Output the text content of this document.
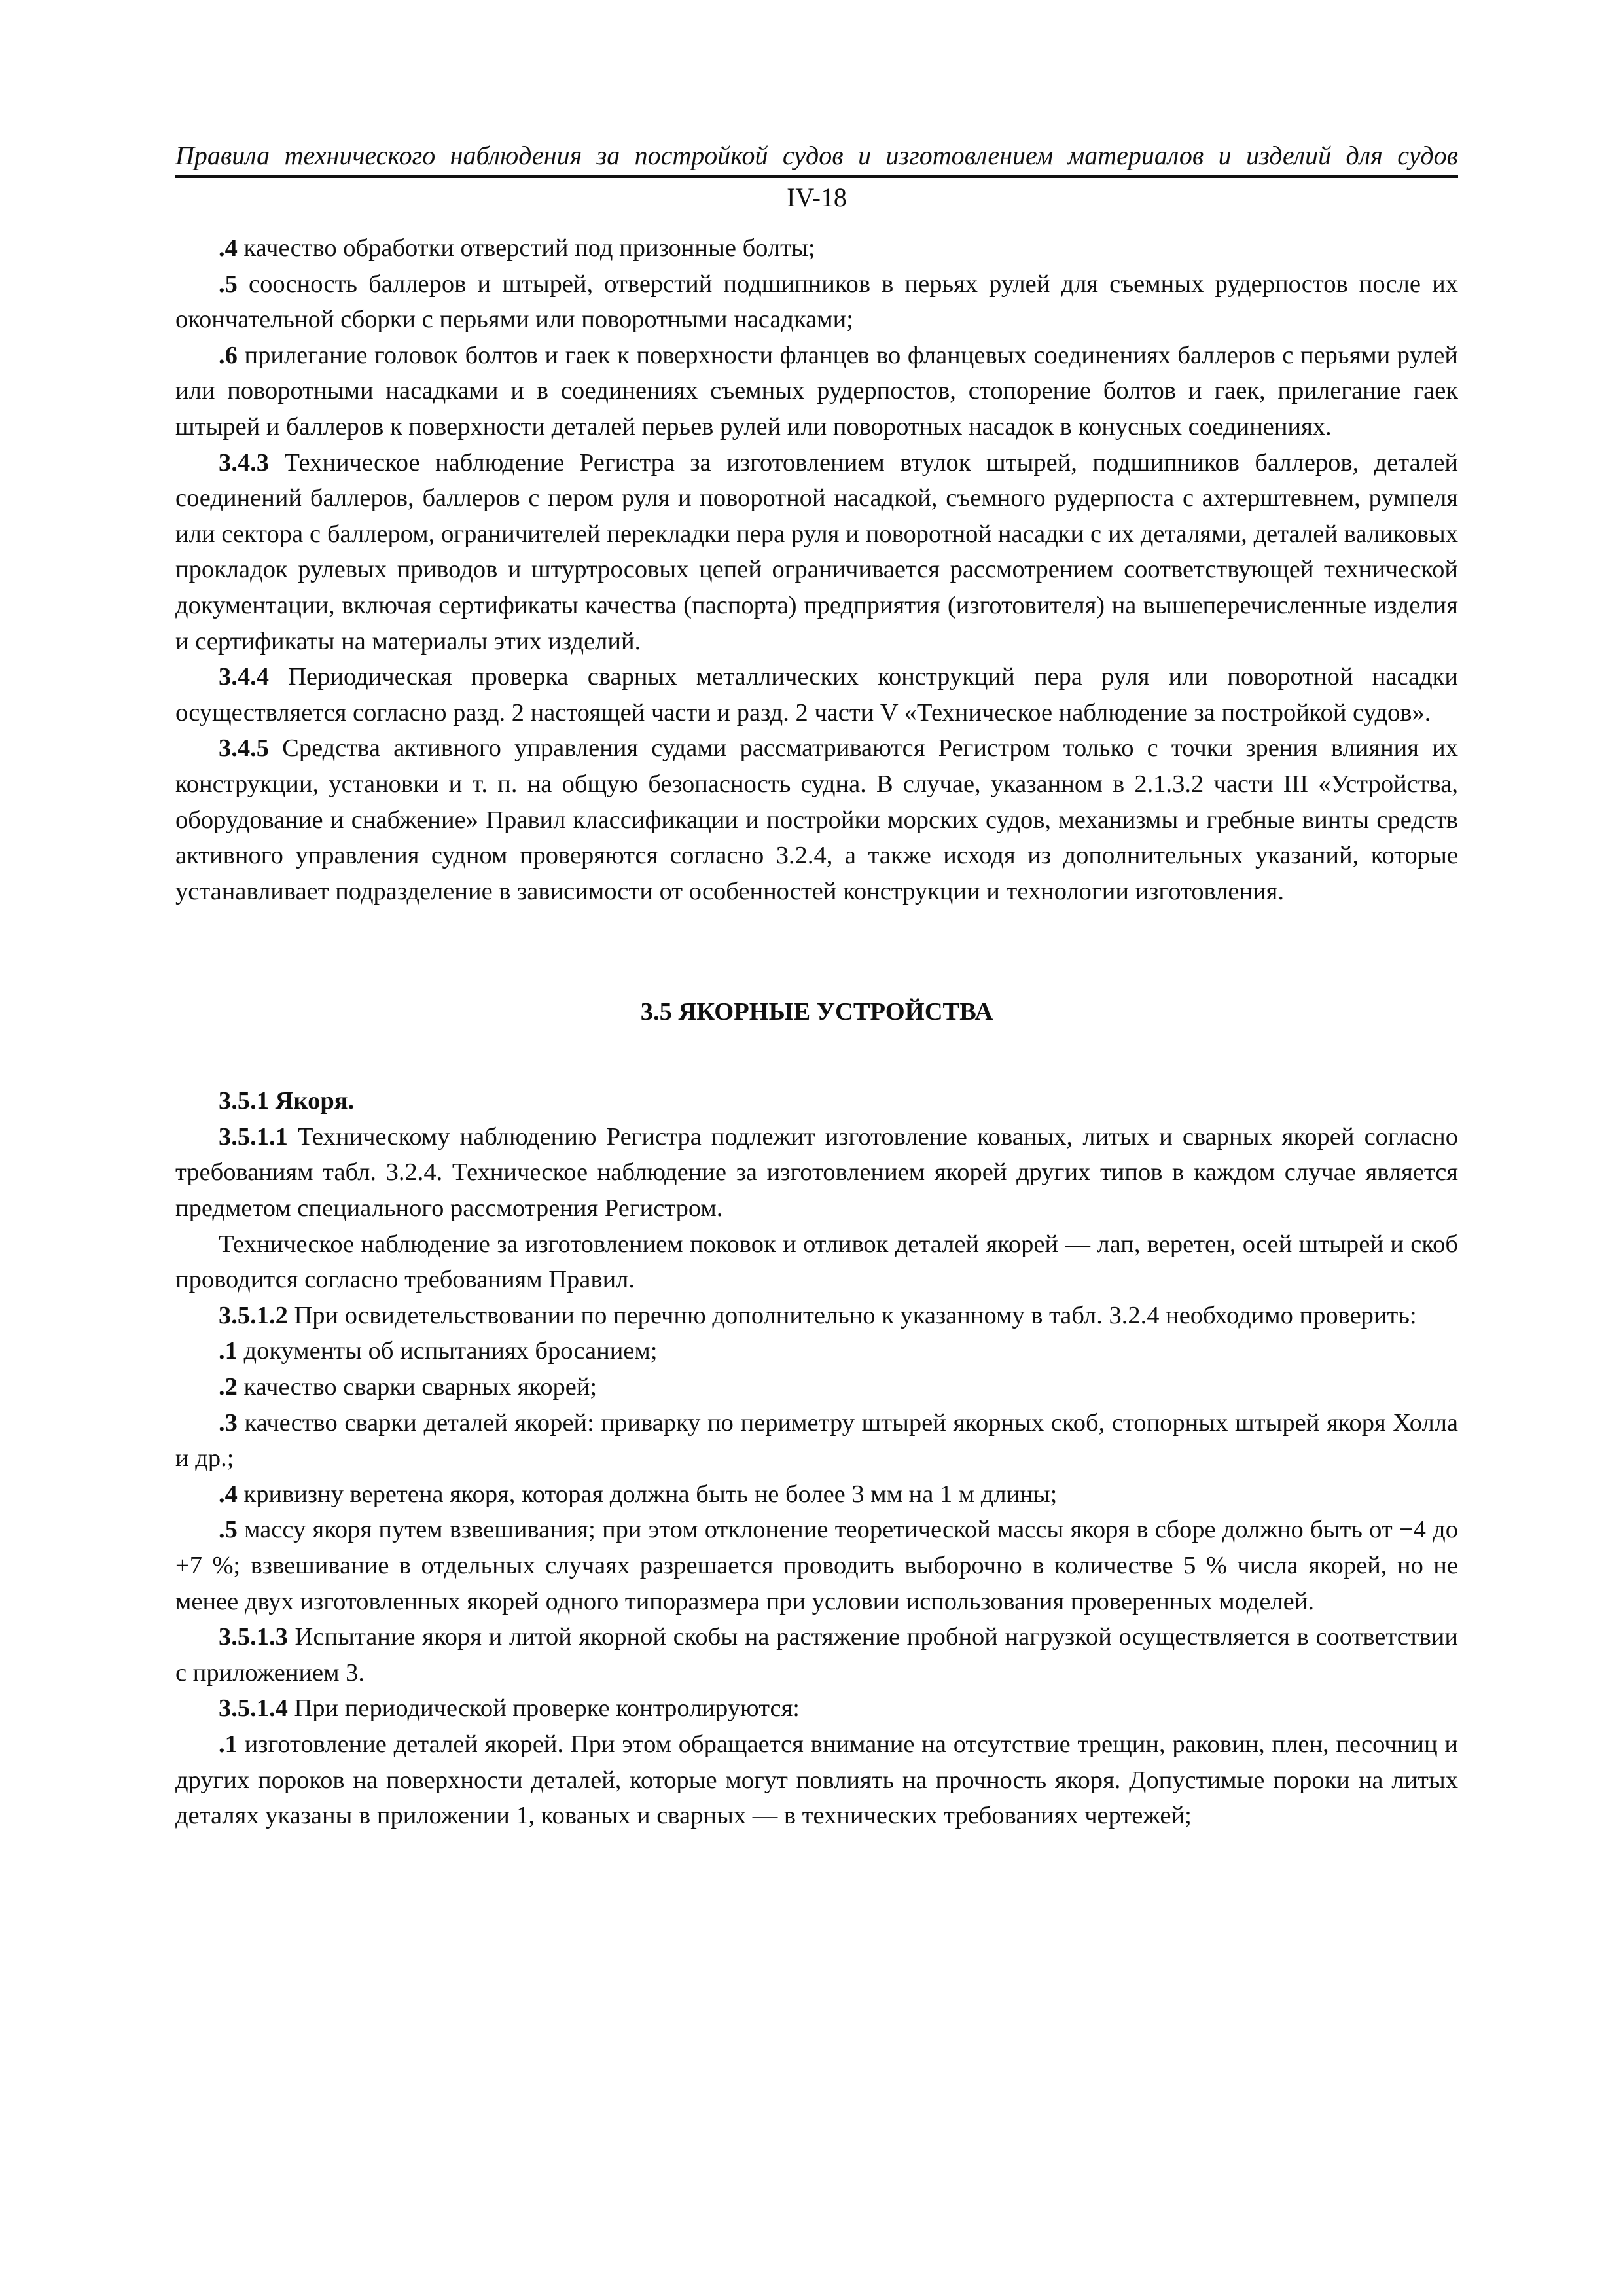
Правила технического наблюдения за постройкой судов и изготовлением материалов и изделий для судов
IV-18

.4 качество обработки отверстий под призонные болты;

.5 соосность баллеров и штырей, отверстий подшипников в перьях рулей для съемных рудерпостов после их окончательной сборки с перьями или поворотными насадками;

.6 прилегание головок болтов и гаек к поверхности фланцев во фланцевых соединениях баллеров с перьями рулей или поворотными насадками и в соединениях съемных рудерпостов, стопорение болтов и гаек, прилегание гаек штырей и баллеров к поверхности деталей перьев рулей или поворотных насадок в конусных соединениях.

3.4.3 Техническое наблюдение Регистра за изготовлением втулок штырей, подшипников баллеров, деталей соединений баллеров, баллеров с пером руля и поворотной насадкой, съемного рудерпоста с ахтерштевнем, румпеля или сектора с баллером, ограничителей перекладки пера руля и поворотной насадки с их деталями, деталей валиковых прокладок рулевых приводов и штуртросовых цепей ограничивается рассмотрением соответствующей технической документации, включая сертификаты качества (паспорта) предприятия (изготовителя) на вышеперечисленные изделия и сертификаты на материалы этих изделий.

3.4.4 Периодическая проверка сварных металлических конструкций пера руля или поворотной насадки осуществляется согласно разд. 2 настоящей части и разд. 2 части V «Техническое наблюдение за постройкой судов».

3.4.5 Средства активного управления судами рассматриваются Регистром только с точки зрения влияния их конструкции, установки и т. п. на общую безопасность судна. В случае, указанном в 2.1.3.2 части III «Устройства, оборудование и снабжение» Правил классификации и постройки морских судов, механизмы и гребные винты средств активного управления судном проверяются согласно 3.2.4, а также исходя из дополнительных указаний, которые устанавливает подразделение в зависимости от особенностей конструкции и технологии изготовления.

3.5 ЯКОРНЫЕ УСТРОЙСТВА

3.5.1 Якоря.

3.5.1.1 Техническому наблюдению Регистра подлежит изготовление кованых, литых и сварных якорей согласно требованиям табл. 3.2.4. Техническое наблюдение за изготовлением якорей других типов в каждом случае является предметом специального рассмотрения Регистром.

Техническое наблюдение за изготовлением поковок и отливок деталей якорей — лап, веретен, осей штырей и скоб проводится согласно требованиям Правил.

3.5.1.2 При освидетельствовании по перечню дополнительно к указанному в табл. 3.2.4 необходимо проверить:

.1 документы об испытаниях бросанием;

.2 качество сварки сварных якорей;

.3 качество сварки деталей якорей: приварку по периметру штырей якорных скоб, стопорных штырей якоря Холла и др.;

.4 кривизну веретена якоря, которая должна быть не более 3 мм на 1 м длины;

.5 массу якоря путем взвешивания; при этом отклонение теоретической массы якоря в сборе должно быть от −4 до +7 %; взвешивание в отдельных случаях разрешается проводить выборочно в количестве 5 % числа якорей, но не менее двух изготовленных якорей одного типоразмера при условии использования проверенных моделей.

3.5.1.3 Испытание якоря и литой якорной скобы на растяжение пробной нагрузкой осуществляется в соответствии с приложением 3.

3.5.1.4 При периодической проверке контролируются:

.1 изготовление деталей якорей. При этом обращается внимание на отсутствие трещин, раковин, плен, песочниц и других пороков на поверхности деталей, которые могут повлиять на прочность якоря. Допустимые пороки на литых деталях указаны в приложении 1, кованых и сварных — в технических требованиях чертежей;
